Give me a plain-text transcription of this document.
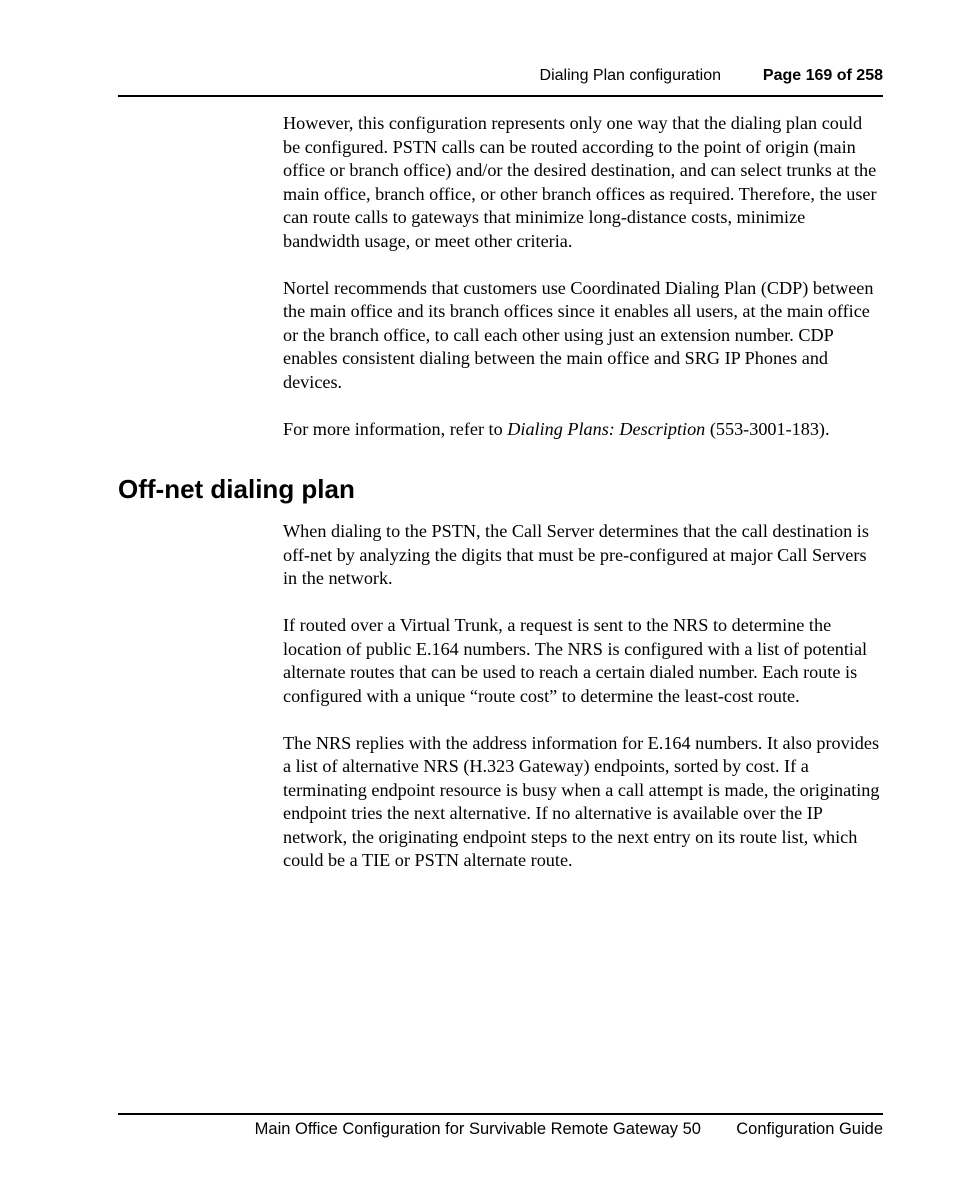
Dialing Plan configuration	Page 169 of 258

However, this configuration represents only one way that the dialing plan could be configured. PSTN calls can be routed according to the point of origin (main office or branch office) and/or the desired destination, and can select trunks at the main office, branch office, or other branch offices as required. Therefore, the user can route calls to gateways that minimize long-distance costs, minimize bandwidth usage, or meet other criteria.

Nortel recommends that customers use Coordinated Dialing Plan (CDP) between the main office and its branch offices since it enables all users, at the main office or the branch office, to call each other using just an extension number. CDP enables consistent dialing between the main office and SRG IP Phones and devices.

For more information, refer to Dialing Plans: Description (553-3001-183).

Off-net dialing plan

When dialing to the PSTN, the Call Server determines that the call destination is off-net by analyzing the digits that must be pre-configured at major Call Servers in the network.

If routed over a Virtual Trunk, a request is sent to the NRS to determine the location of public E.164 numbers. The NRS is configured with a list of potential alternate routes that can be used to reach a certain dialed number. Each route is configured with a unique “route cost” to determine the least-cost route.

The NRS replies with the address information for E.164 numbers. It also provides a list of alternative NRS (H.323 Gateway) endpoints, sorted by cost. If a terminating endpoint resource is busy when a call attempt is made, the originating endpoint tries the next alternative. If no alternative is available over the IP network, the originating endpoint steps to the next entry on its route list, which could be a TIE or PSTN alternate route.

Main Office Configuration for Survivable Remote Gateway 50 Configuration Guide
